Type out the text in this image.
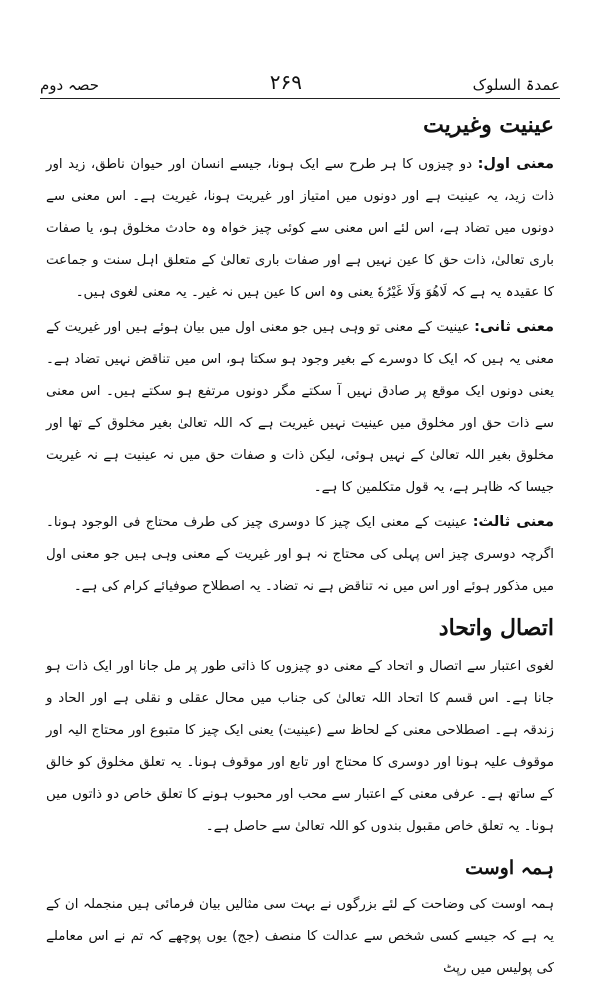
حصہ دوم	۲۶۹	عمدۃ السلوک
عینیت وغیریت

معنی اول: دو چیزوں کا ہر طرح سے ایک ہونا، جیسے انسان اور حیوان ناطق، زید اور ذات زید، یہ عینیت ہے اور دونوں میں امتیاز اور غیریت ہونا، غیریت ہے۔ اس معنی سے دونوں میں تضاد ہے، اس لئے اس معنی سے کوئی چیز خواہ وہ حادث مخلوق ہو، یا صفات باری تعالیٰ، ذات حق کا عین نہیں ہے اور صفات باری تعالیٰ کے متعلق اہل سنت و جماعت کا عقیدہ یہ ہے کہ لَاهُوَ وَلَا غَيْرُهٗ یعنی وہ اس کا عین ہیں نہ غیر۔ یہ معنی لغوی ہیں۔

معنی ثانی: عینیت کے معنی تو وہی ہیں جو معنی اول میں بیان ہوئے ہیں اور غیریت کے معنی یہ ہیں کہ ایک کا دوسرے کے بغیر وجود ہو سکتا ہو، اس میں تناقض نہیں تضاد ہے۔ یعنی دونوں ایک موقع پر صادق نہیں آ سکتے مگر دونوں مرتفع ہو سکتے ہیں۔ اس معنی سے ذات حق اور مخلوق میں عینیت نہیں غیریت ہے کہ اللہ تعالیٰ بغیر مخلوق کے تھا اور مخلوق بغیر اللہ تعالیٰ کے نہیں ہوئی، لیکن ذات و صفات حق میں نہ عینیت ہے نہ غیریت جیسا کہ ظاہر ہے، یہ قول متکلمین کا ہے۔

معنی ثالث: عینیت کے معنی ایک چیز کا دوسری چیز کی طرف محتاج فی الوجود ہونا۔ اگرچہ دوسری چیز اس پہلی کی محتاج نہ ہو اور غیریت کے معنی وہی ہیں جو معنی اول میں مذکور ہوئے اور اس میں نہ تناقض ہے نہ تضاد۔ یہ اصطلاح صوفیائے کرام کی ہے۔

اتصال واتحاد

لغوی اعتبار سے اتصال و اتحاد کے معنی دو چیزوں کا ذاتی طور پر مل جانا اور ایک ذات ہو جانا ہے۔ اس قسم کا اتحاد اللہ تعالیٰ کی جناب میں محال عقلی و نقلی ہے اور الحاد و زندقہ ہے۔ اصطلاحی معنی کے لحاظ سے (عینیت) یعنی ایک چیز کا متبوع اور محتاج الیہ اور موقوف علیہ ہونا اور دوسری کا محتاج اور تابع اور موقوف ہونا۔ یہ تعلق مخلوق کو خالق کے ساتھ ہے۔ عرفی معنی کے اعتبار سے محب اور محبوب ہونے کا تعلق خاص دو ذاتوں میں ہونا۔ یہ تعلق خاص مقبول بندوں کو اللہ تعالیٰ سے حاصل ہے۔

ہمہ اوست

ہمہ اوست کی وضاحت کے لئے بزرگوں نے بہت سی مثالیں بیان فرمائی ہیں منجملہ ان کے یہ ہے کہ جیسے کسی شخص سے عدالت کا منصف (جج) یوں پوچھے کہ تم نے اس معاملے کی پولیس میں رپٹ
